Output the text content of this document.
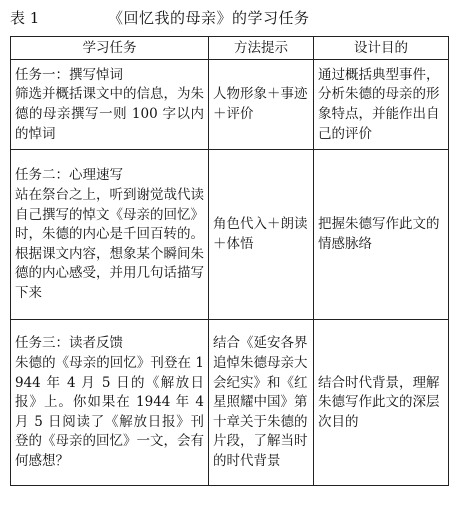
表 1	《回忆我的母亲》的学习任务
学习任务	方法提示	设计目的

任务一：撰写悼词
筛选并概括课文中的信息，为朱德的母亲撰写一则 100 字以内的悼词	人物形象＋事迹＋评价	通过概括典型事件，分析朱德的母亲的形象特点，并能作出自己的评价

任务二：心理速写
站在祭台之上，听到谢觉哉代读自己撰写的悼文《母亲的回忆》时，朱德的内心是千回百转的。根据课文内容，想象某个瞬间朱德的内心感受，并用几句话描写下来	角色代入＋朗读＋体悟	把握朱德写作此文的情感脉络

任务三：读者反馈
朱德的《母亲的回忆》刊登在 1944 年 4 月 5 日的《解放日报》上。你如果在 1944 年 4 月 5 日阅读了《解放日报》刊登的《母亲的回忆》一文，会有何感想？	结合《延安各界追悼朱德母亲大会纪实》和《红星照耀中国》第十章关于朱德的片段，了解当时的时代背景	结合时代背景，理解朱德写作此文的深层次目的
